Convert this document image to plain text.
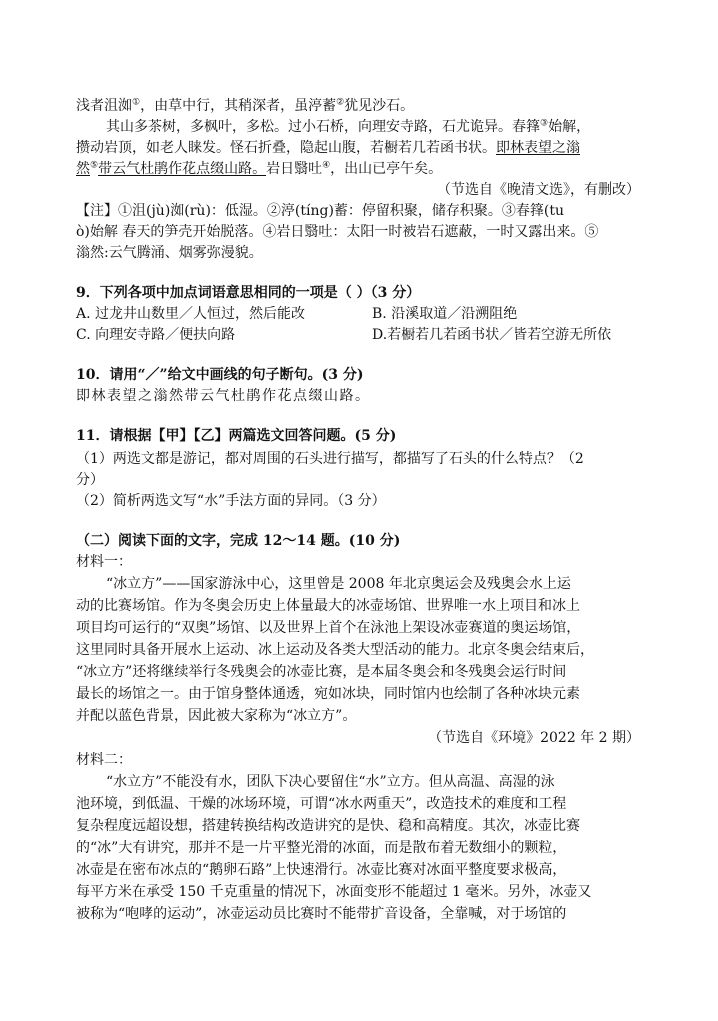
浅者沮洳①，由草中行，其稍深者，虽渟蓄②犹见沙石。
其山多茶树，多枫叶，多松。过小石桥，向理安寺路，石尤诡异。春箨③始解，
攒动岩顶，如老人睐发。怪石折叠，隐起山腹，若橱若几若函书状。即林表望之滃
然⑤带云气杜鹃作花点缀山路。岩日翳吐④，出山已亭午矣。
（节选自《晚清文选》，有删改）
【注】①沮(jù)洳(rù)：低湿。②渟(tíng)蓄：停留积聚，储存积聚。③春箨(tu
ò)始解 春天的笋壳开始脱落。④岩日翳吐：太阳一时被岩石遮蔽，一时又露出来。⑤
滃然:云气腾涌、烟雾弥漫貌。
9．下列各项中加点词语意思相同的一项是（ ）（3 分）
A. 过龙井山数里／人恒过，然后能改	B. 沿溪取道／沿溯阻绝
C. 向理安寺路／便扶向路	D.若橱若几若函书状／皆若空游无所依
10．请用“／”给文中画线的句子断句。(3 分)
即林表望之滃然带云气杜鹃作花点缀山路。
11．请根据【甲】【乙】两篇选文回答问题。(5 分)
（1）两选文都是游记，都对周围的石头进行描写，都描写了石头的什么特点？（2
分）
（2）简析两选文写“水”手法方面的异同。（3 分）
（二）阅读下面的文字，完成 12～14 题。(10 分)
材料一：
“冰立方”——国家游泳中心，这里曾是 2008 年北京奥运会及残奥会水上运
动的比赛场馆。作为冬奥会历史上体量最大的冰壶场馆、世界唯一水上项目和冰上
项目均可运行的“双奥”场馆、以及世界上首个在泳池上架设冰壶赛道的奥运场馆，
这里同时具备开展水上运动、冰上运动及各类大型活动的能力。北京冬奥会结束后，
“冰立方”还将继续举行冬残奥会的冰壶比赛，是本届冬奥会和冬残奥会运行时间
最长的场馆之一。由于馆身整体通透，宛如冰块，同时馆内也绘制了各种冰块元素
并配以蓝色背景，因此被大家称为“冰立方”。
（节选自《环境》2022 年 2 期）
材料二：
“水立方”不能没有水，团队下决心要留住“水”立方。但从高温、高湿的泳
池环境，到低温、干燥的冰场环境，可谓“冰水两重天”，改造技术的难度和工程
复杂程度远超设想，搭建转换结构改造讲究的是快、稳和高精度。其次，冰壶比赛
的“冰”大有讲究，那并不是一片平整光滑的冰面，而是散布着无数细小的颗粒，
冰壶是在密布冰点的“鹅卵石路”上快速滑行。冰壶比赛对冰面平整度要求极高，
每平方米在承受 150 千克重量的情况下，冰面变形不能超过 1 毫米。另外，冰壶又
被称为“咆哮的运动”，冰壶运动员比赛时不能带扩音设备，全靠喊，对于场馆的
